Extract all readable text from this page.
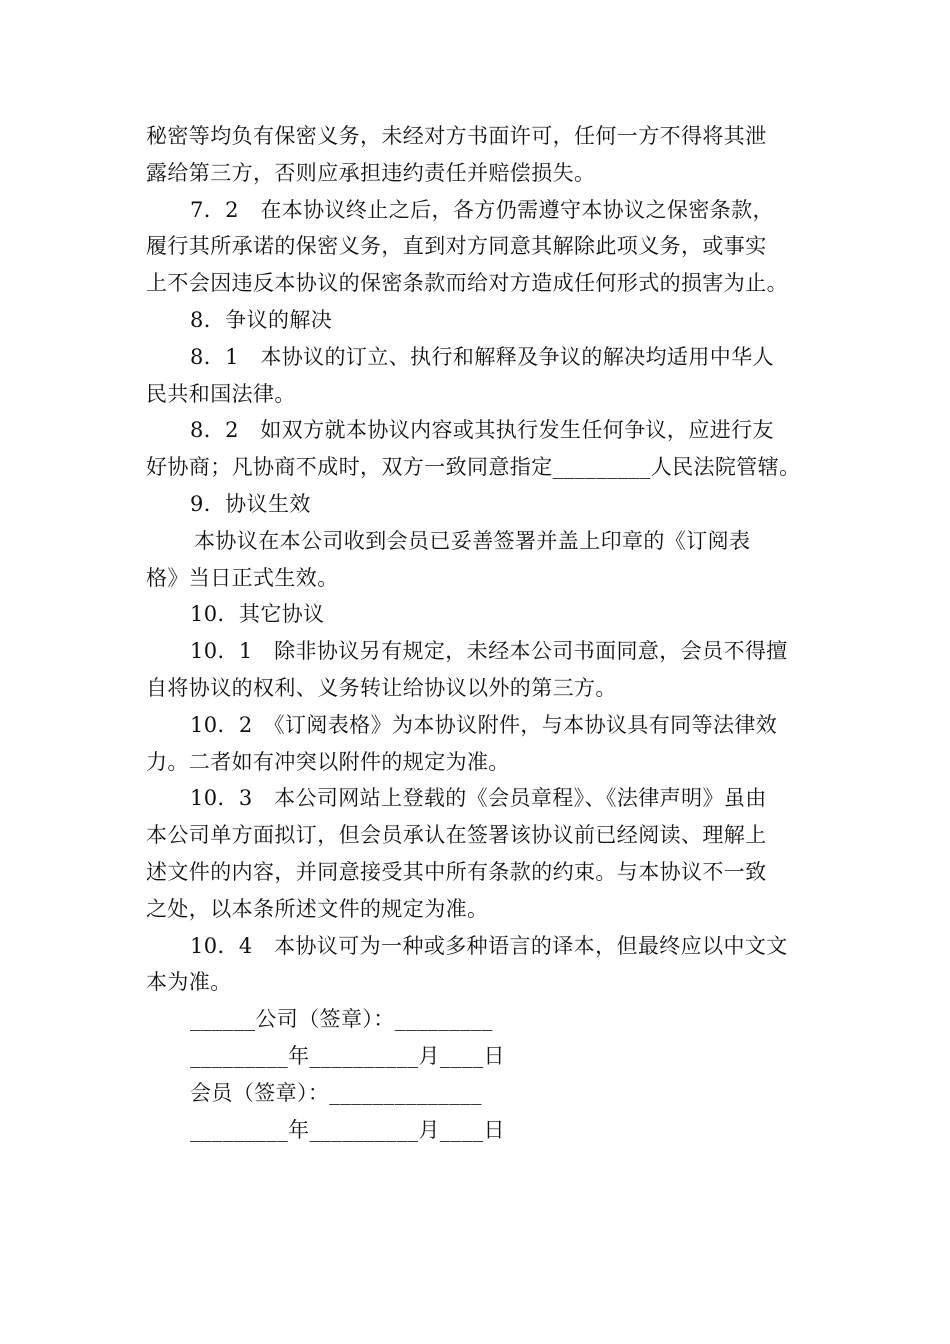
秘密等均负有保密义务，未经对方书面许可，任何一方不得将其泄
露给第三方，否则应承担违约责任并赔偿损失。
7．2　在本协议终止之后，各方仍需遵守本协议之保密条款，
履行其所承诺的保密义务，直到对方同意其解除此项义务，或事实
上不会因违反本协议的保密条款而给对方造成任何形式的损害为止。
8．争议的解决
8．1　本协议的订立、执行和解释及争议的解决均适用中华人
民共和国法律。
8．2　如双方就本协议内容或其执行发生任何争议，应进行友
好协商；凡协商不成时，双方一致同意指定_________人民法院管辖。
9．协议生效
本协议在本公司收到会员已妥善签署并盖上印章的《订阅表
格》当日正式生效。
10．其它协议
10．1　除非协议另有规定，未经本公司书面同意，会员不得擅
自将协议的权利、义务转让给协议以外的第三方。
10．2　《订阅表格》为本协议附件，与本协议具有同等法律效
力。二者如有冲突以附件的规定为准。
10．3　本公司网站上登载的《会员章程》、《法律声明》虽由
本公司单方面拟订，但会员承认在签署该协议前已经阅读、理解上
述文件的内容，并同意接受其中所有条款的约束。与本协议不一致
之处，以本条所述文件的规定为准。
10．4　本协议可为一种或多种语言的译本，但最终应以中文文
本为准。
______公司（签章）：_________
_________年__________月____日
会员（签章）：______________
_________年__________月____日
